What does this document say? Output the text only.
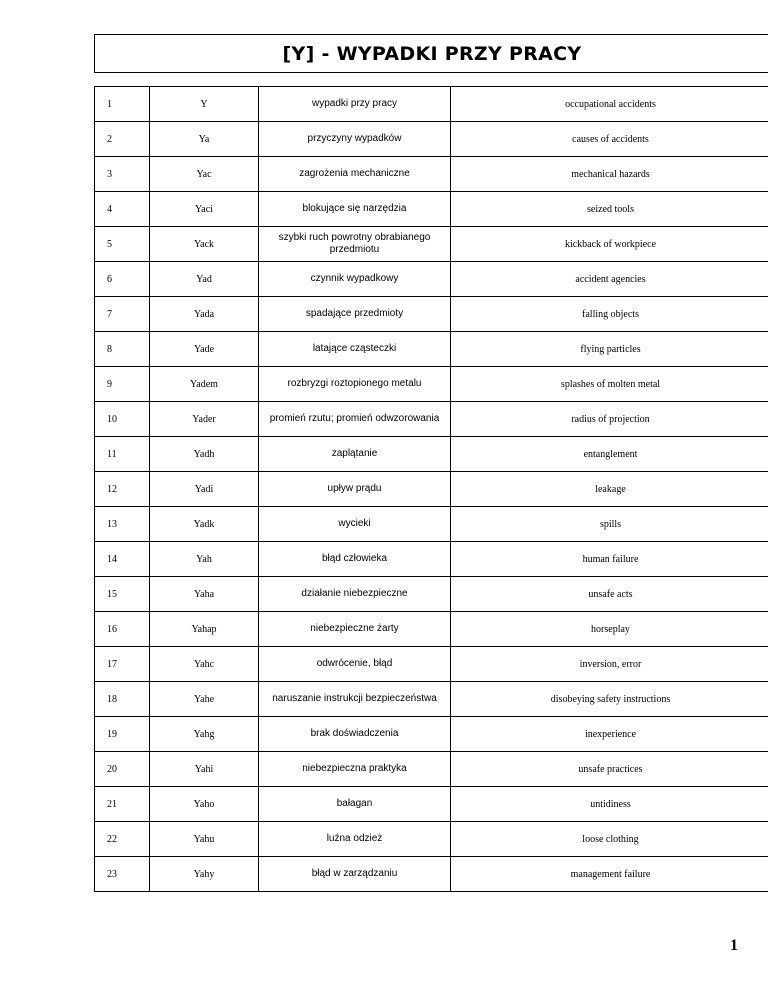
[Y] - WYPADKI PRZY PRACY
1	Y	wypadki przy pracy	occupational accidents
2	Ya	przyczyny wypadków	causes of accidents
3	Yac	zagrożenia mechaniczne	mechanical hazards
4	Yaci	blokujące się narzędzia	seized tools
5	Yack	szybki ruch powrotny obrabianego przedmiotu	kickback of workpiece
6	Yad	czynnik wypadkowy	accident agencies
7	Yada	spadające przedmioty	falling objects
8	Yade	latające cząsteczki	flying particles
9	Yadem	rozbryzgi roztopionego metalu	splashes of molten metal
10	Yader	promień rzutu; promień odwzorowania	radius of projection
11	Yadh	zaplątanie	entanglement
12	Yadi	upływ prądu	leakage
13	Yadk	wycieki	spills
14	Yah	błąd człowieka	human failure
15	Yaha	działanie niebezpieczne	unsafe acts
16	Yahap	niebezpieczne żarty	horseplay
17	Yahc	odwrócenie, błąd	inversion, error
18	Yahe	naruszanie instrukcji bezpieczeństwa	disobeying safety instructions
19	Yahg	brak doświadczenia	inexperience
20	Yahi	niebezpieczna praktyka	unsafe practices
21	Yaho	bałagan	untidiness
22	Yahu	luźna odzież	loose clothing
23	Yahy	błąd w zarządzaniu	management failure
1
